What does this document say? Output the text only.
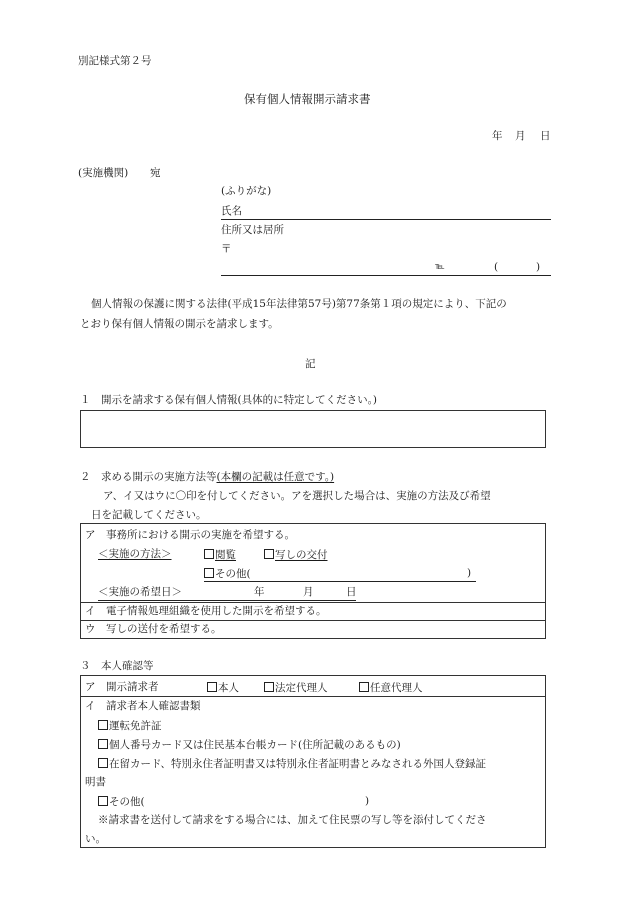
別記様式第２号
保有個人情報開示請求書
年 月 日
(実施機関) 宛
(ふりがな)
氏名
住所又は居所
〒
℡	(	)
個人情報の保護に関する法律(平成15年法律第57号)第77条第１項の規定により、下記の
とおり保有個人情報の開示を請求します。
記
１　開示を請求する保有個人情報(具体的に特定してください。)
２　求める開示の実施方法等(本欄の記載は任意です。)
ア、イ又はウに〇印を付してください。アを選択した場合は、実施の方法及び希望
日を記載してください。
ア　事務所における開示の実施を希望する。
＜実施の方法＞	閲覧	写しの交付
その他(	)
＜実施の希望日＞	年	月	日
イ　電子情報処理組織を使用した開示を希望する。
ウ　写しの送付を希望する。
３　本人確認等
ア　開示請求者	本人	法定代理人	任意代理人
イ　請求者本人確認書類
運転免許証
個人番号カード又は住民基本台帳カード(住所記載のあるもの)
在留カード、特別永住者証明書又は特別永住者証明書とみなされる外国人登録証
明書
その他(	)
※請求書を送付して請求をする場合には、加えて住民票の写し等を添付してくださ
い。
